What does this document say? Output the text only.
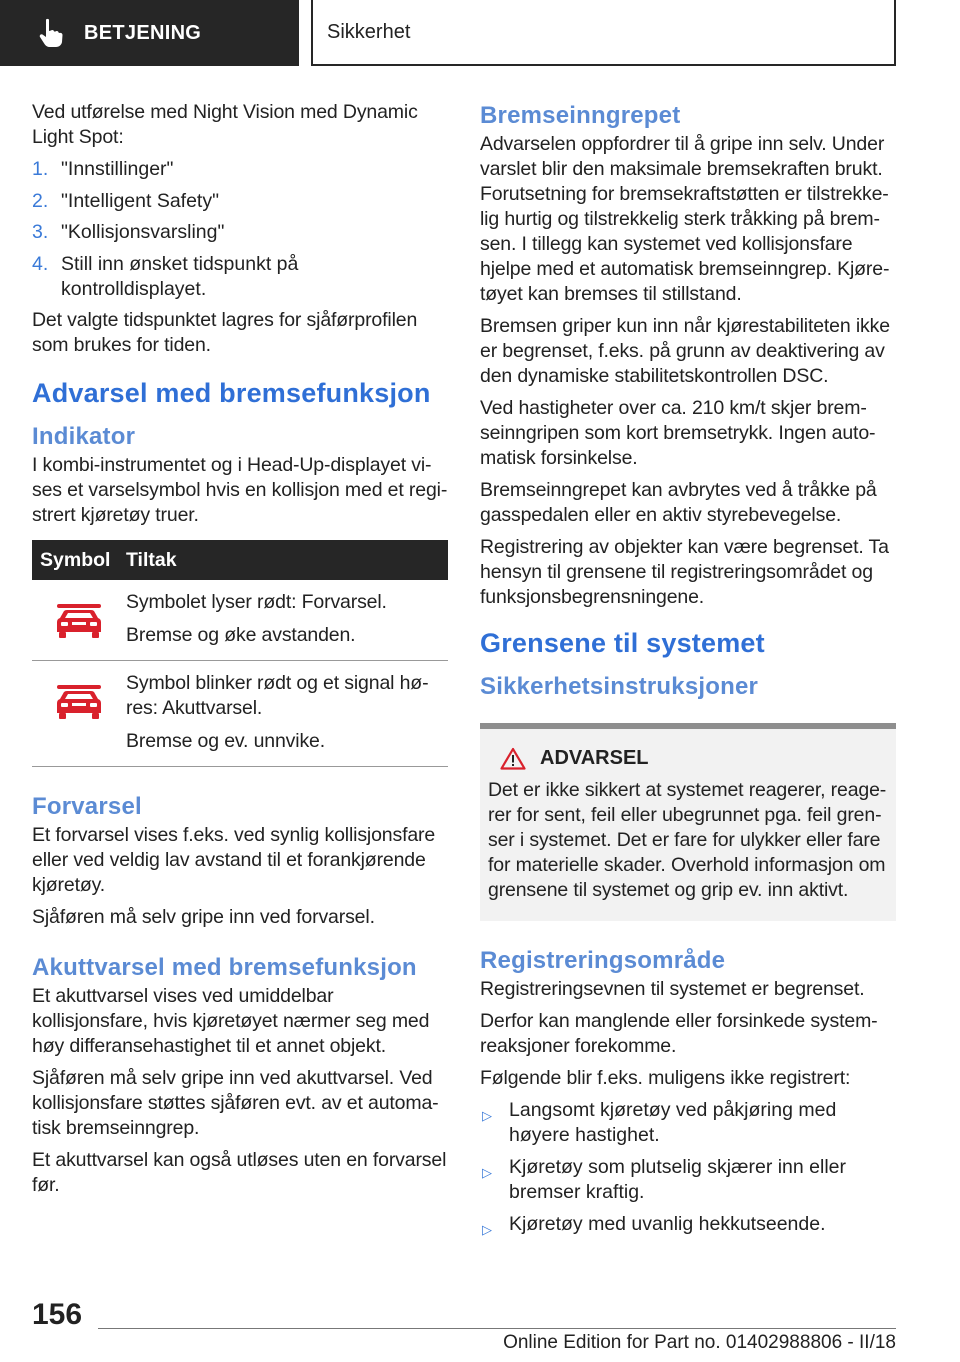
BETJENING	Sikkerhet

Ved utførelse med Night Vision med Dynamic Light Spot:

1. "Innstillinger"
2. "Intelligent Safety"
3. "Kollisjonsvarsling"
4. Still inn ønsket tidspunkt på kontrolldisplayet.

Det valgte tidspunktet lagres for sjåførprofilen som brukes for tiden.

Advarsel med bremsefunksjon
Indikator

I kombi-instrumentet og i Head-Up-displayet vises et varselsymbol hvis en kollisjon med et registrert kjøretøy truer.

Symbol Tiltak

Symbolet lyser rødt: Forvarsel.

Bremse og øke avstanden.

Symbol blinker rødt og et signal høres: Akuttvarsel.

Bremse og ev. unnvike.

Forvarsel

Et forvarsel vises f.eks. ved synlig kollisjonsfare eller ved veldig lav avstand til et forankjørende kjøretøy.

Sjåføren må selv gripe inn ved forvarsel.

Akuttvarsel med bremsefunksjon

Et akuttvarsel vises ved umiddelbar kollisjonsfare, hvis kjøretøyet nærmer seg med høy differansehastighet til et annet objekt.

Sjåføren må selv gripe inn ved akuttvarsel. Ved kollisjonsfare støttes sjåføren evt. av et automatisk bremseinngrep.

Et akuttvarsel kan også utløses uten en forvarsel før.

Bremseinngrepet

Advarselen oppfordrer til å gripe inn selv. Under varslet blir den maksimale bremsekraften brukt. Forutsetning for bremsekraftstøtten er tilstrekkelig hurtig og tilstrekkelig sterk tråkking på bremsen. I tillegg kan systemet ved kollisjonsfare hjelpe med et automatisk bremseinngrep. Kjøretøyet kan bremses til stillstand.

Bremsen griper kun inn når kjørestabiliteten ikke er begrenset, f.eks. på grunn av deaktivering av den dynamiske stabilitetskontrollen DSC.

Ved hastigheter over ca. 210 km/t skjer bremseinngripen som kort bremsetrykk. Ingen automatisk forsinkelse.

Bremseinngrepet kan avbrytes ved å tråkke på gasspedalen eller en aktiv styrebevegelse.

Registrering av objekter kan være begrenset. Ta hensyn til grensene til registreringsområdet og funksjonsbegrensningene.

Grensene til systemet
Sikkerhetsinstruksjoner
ADVARSEL

Det er ikke sikkert at systemet reagerer, reagerer for sent, feil eller ubegrunnet pga. feil grenser i systemet. Det er fare for ulykker eller fare for materielle skader. Overhold informasjon om grensene til systemet og grip ev. inn aktivt.

Registreringsområde

Registreringsevnen til systemet er begrenset.

Derfor kan manglende eller forsinkede systemreaksjoner forekomme.

Følgende blir f.eks. muligens ikke registrert:

▷ Langsomt kjøretøy ved påkjøring med høyere hastighet.
▷ Kjøretøy som plutselig skjærer inn eller bremser kraftig.
▷ Kjøretøy med uvanlig hekkutseende.
156
Online Edition for Part no. 01402988806 - II/18
